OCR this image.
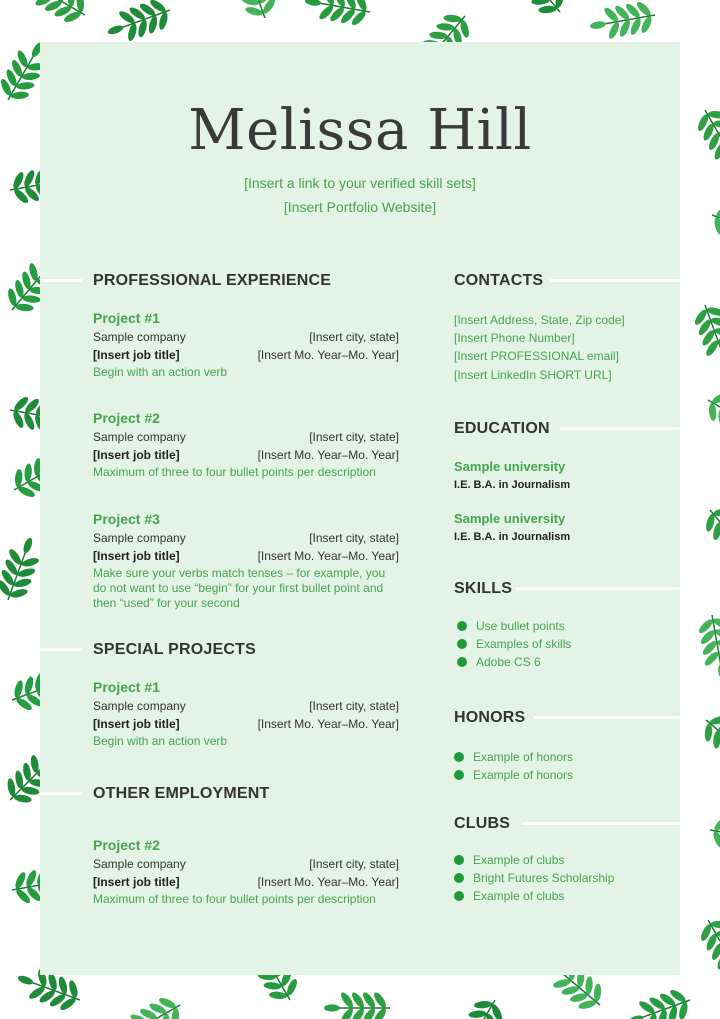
Melissa Hill
[Insert a link to your verified skill sets]
[Insert Portfolio Website]
PROFESSIONAL EXPERIENCE
Project #1
Sample company	[Insert city, state]
[Insert job title]	[Insert Mo. Year–Mo. Year]
Begin with an action verb
Project #2
Sample company	[Insert city, state]
[Insert job title]	[Insert Mo. Year–Mo. Year]
Maximum of three to four bullet points per description
Project #3
Sample company	[Insert city, state]
[Insert job title]	[Insert Mo. Year–Mo. Year]
Make sure your verbs match tenses – for example, you do not want to use “begin” for your first bullet point and then “used” for your second
SPECIAL PROJECTS
Project #1
Sample company	[Insert city, state]
[Insert job title]	[Insert Mo. Year–Mo. Year]
Begin with an action verb
OTHER EMPLOYMENT
Project #2
Sample company	[Insert city, state]
[Insert job title]	[Insert Mo. Year–Mo. Year]
Maximum of three to four bullet points per description
CONTACTS
[Insert Address, State, Zip code]
[Insert Phone Number]
[Insert PROFESSIONAL email]
[Insert LinkedIn SHORT URL]
EDUCATION
Sample university
I.E. B.A. in Journalism
Sample university
I.E. B.A. in Journalism
SKILLS
Use bullet points
Examples of skills
Adobe CS 6
HONORS
Example of honors
Example of honors
CLUBS
Example of clubs
Bright Futures Scholarship
Example of clubs
